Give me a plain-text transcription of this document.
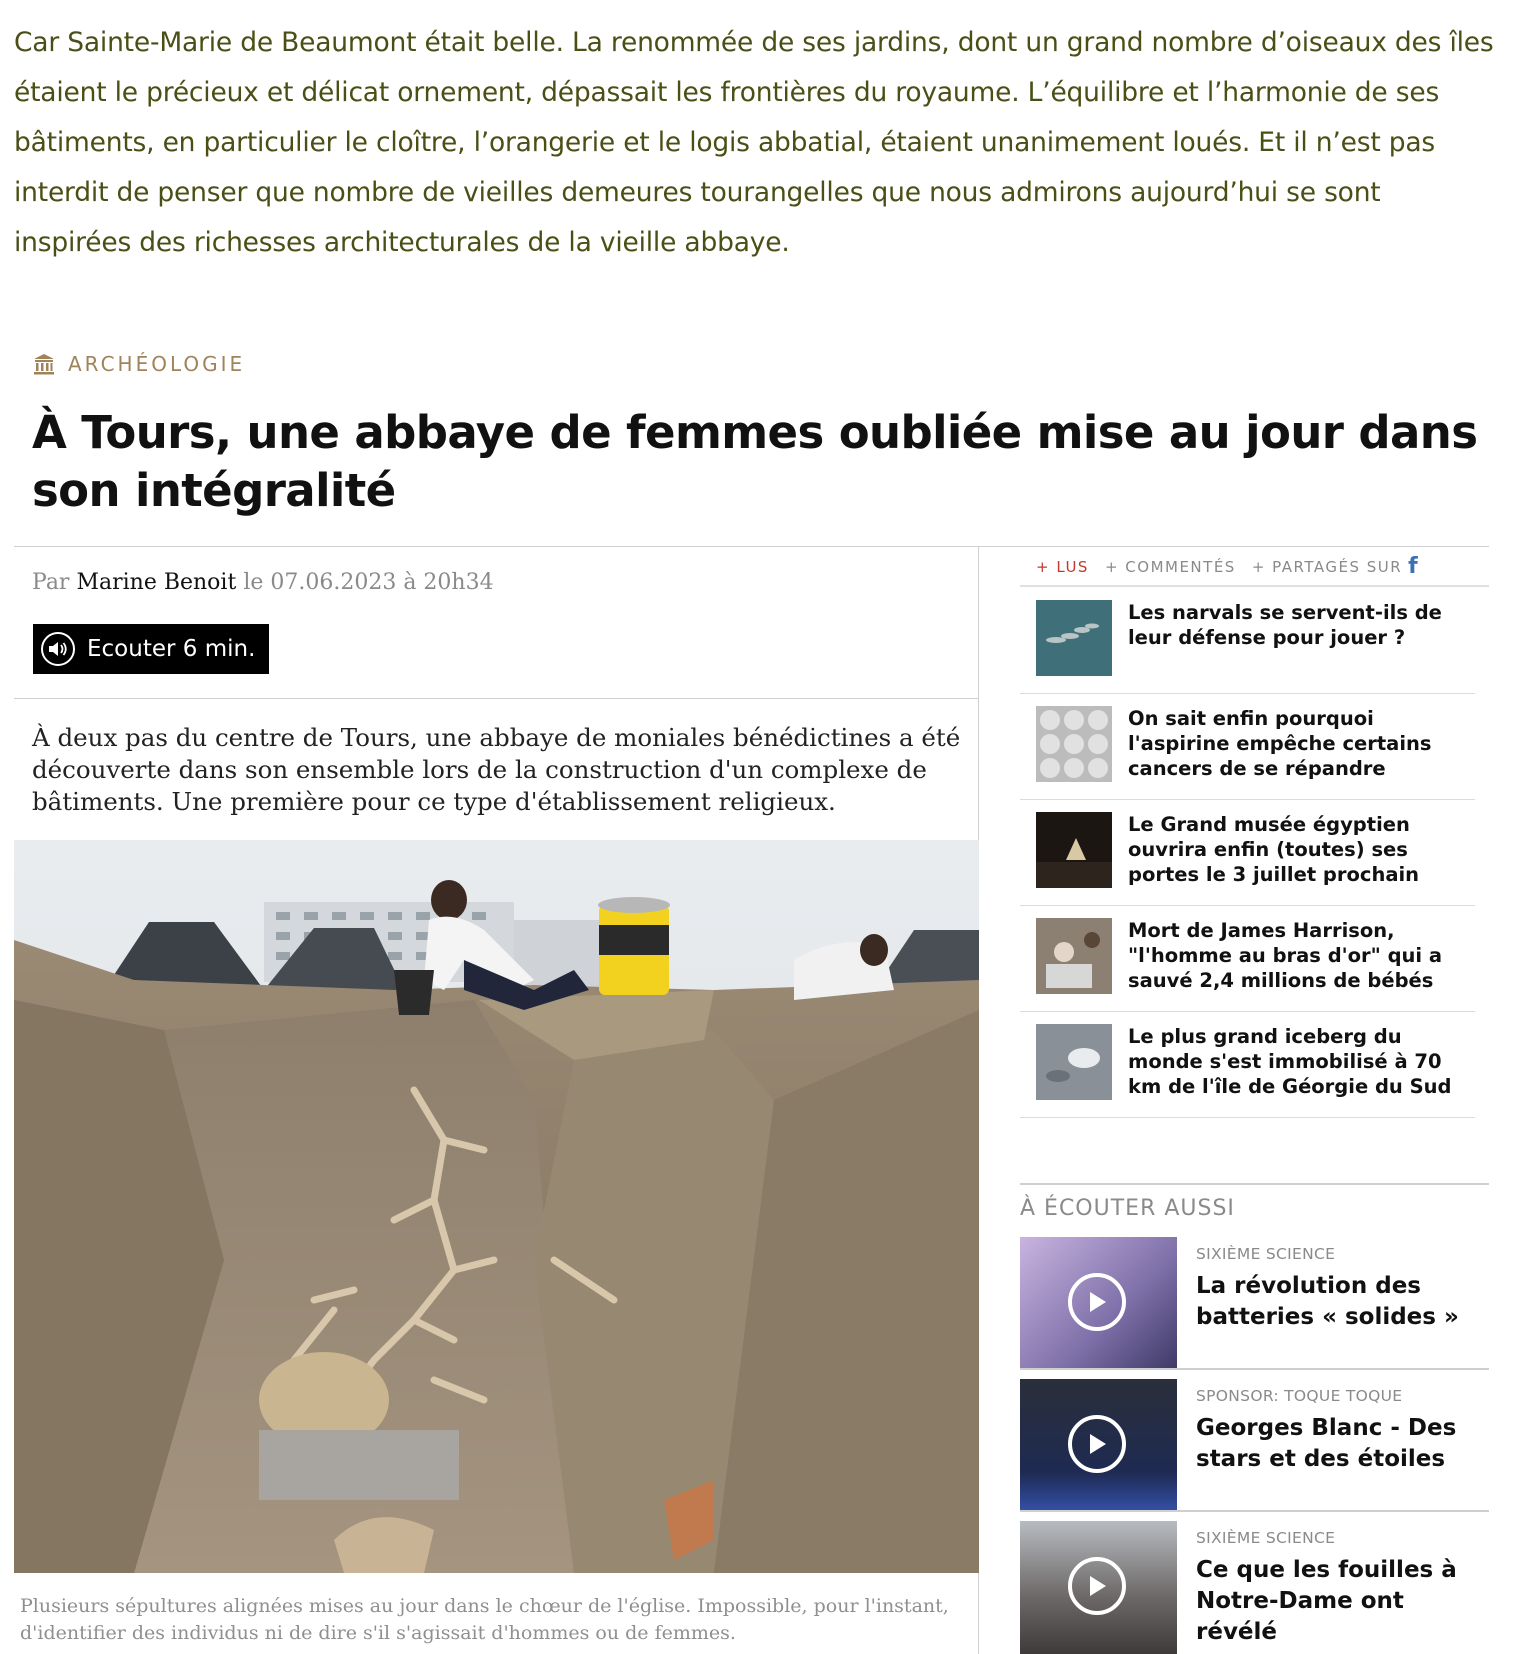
Car Sainte-Marie de Beaumont était belle. La renommée de ses jardins, dont un grand nombre d’oiseaux des îles étaient le précieux et délicat ornement, dépassait les frontières du royaume. L’équilibre et l’harmonie de ses bâtiments, en particulier le cloître, l’orangerie et le logis abbatial, étaient unanimement loués. Et il n’est pas interdit de penser que nombre de vieilles demeures tourangelles que nous admirons aujourd’hui se sont inspirées des richesses architecturales de la vieille abbaye.

ARCHÉOLOGIE
À Tours, une abbaye de femmes oubliée mise au jour dans son intégralité
Par Marine Benoit le 07.06.2023 à 20h34
Ecouter 6 min.

À deux pas du centre de Tours, une abbaye de moniales bénédictines a été découverte dans son ensemble lors de la construction d'un complexe de bâtiments. Une première pour ce type d'établissement religieux.

Plusieurs sépultures alignées mises au jour dans le chœur de l'église. Impossible, pour l'instant, d'identifier des individus ni de dire s'il s'agissait d'hommes ou de femmes.

+ LUS + COMMENTÉS + PARTAGÉS SUR f
Les narvals se servent-ils de leur défense pour jouer ?
On sait enfin pourquoi l'aspirine empêche certains cancers de se répandre
Le Grand musée égyptien ouvrira enfin (toutes) ses portes le 3 juillet prochain
Mort de James Harrison, "l'homme au bras d'or" qui a sauvé 2,4 millions de bébés
Le plus grand iceberg du monde s'est immobilisé à 70 km de l'île de Géorgie du Sud
À ÉCOUTER AUSSI
SIXIÈME SCIENCE
La révolution des batteries « solides »
SPONSOR: TOQUE TOQUE
Georges Blanc - Des stars et des étoiles
SIXIÈME SCIENCE
Ce que les fouilles à Notre-Dame ont révélé
